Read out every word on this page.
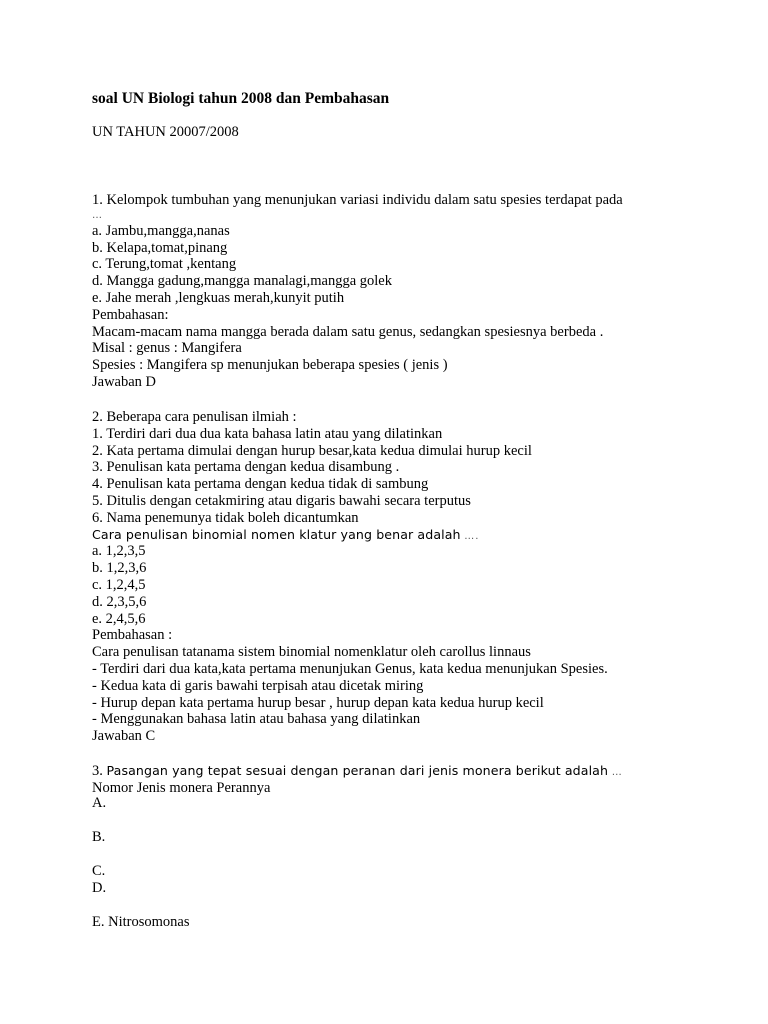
soal UN Biologi tahun 2008 dan Pembahasan
UN TAHUN 20007/2008
1. Kelompok tumbuhan yang menunjukan variasi individu dalam satu spesies terdapat pada
…
a. Jambu,mangga,nanas
b. Kelapa,tomat,pinang
c. Terung,tomat ,kentang
d. Mangga gadung,mangga manalagi,mangga golek
e. Jahe merah ,lengkuas merah,kunyit putih
Pembahasan:
Macam-macam nama mangga berada dalam satu genus, sedangkan spesiesnya berbeda .
Misal : genus : Mangifera
Spesies : Mangifera sp menunjukan beberapa spesies ( jenis )
Jawaban D
2. Beberapa cara penulisan ilmiah :
1. Terdiri dari dua dua kata bahasa latin atau yang dilatinkan
2. Kata pertama dimulai dengan hurup besar,kata kedua dimulai hurup kecil
3. Penulisan kata pertama dengan kedua disambung .
4. Penulisan kata pertama dengan kedua tidak di sambung
5. Ditulis dengan cetakmiring atau digaris bawahi secara terputus
6. Nama penemunya tidak boleh dicantumkan
Cara penulisan binomial nomen klatur yang benar adalah ….
a. 1,2,3,5
b. 1,2,3,6
c. 1,2,4,5
d. 2,3,5,6
e. 2,4,5,6
Pembahasan :
Cara penulisan tatanama sistem binomial nomenklatur oleh carollus linnaus
- Terdiri dari dua kata,kata pertama menunjukan Genus, kata kedua menunjukan Spesies.
- Kedua kata di garis bawahi terpisah atau dicetak miring
- Hurup depan kata pertama hurup besar , hurup depan kata kedua hurup kecil
- Menggunakan bahasa latin atau bahasa yang dilatinkan
Jawaban C
3. Pasangan yang tepat sesuai dengan peranan dari jenis monera berikut adalah …
Nomor Jenis monera Perannya
A.
B.
C.
D.
E. Nitrosomonas
